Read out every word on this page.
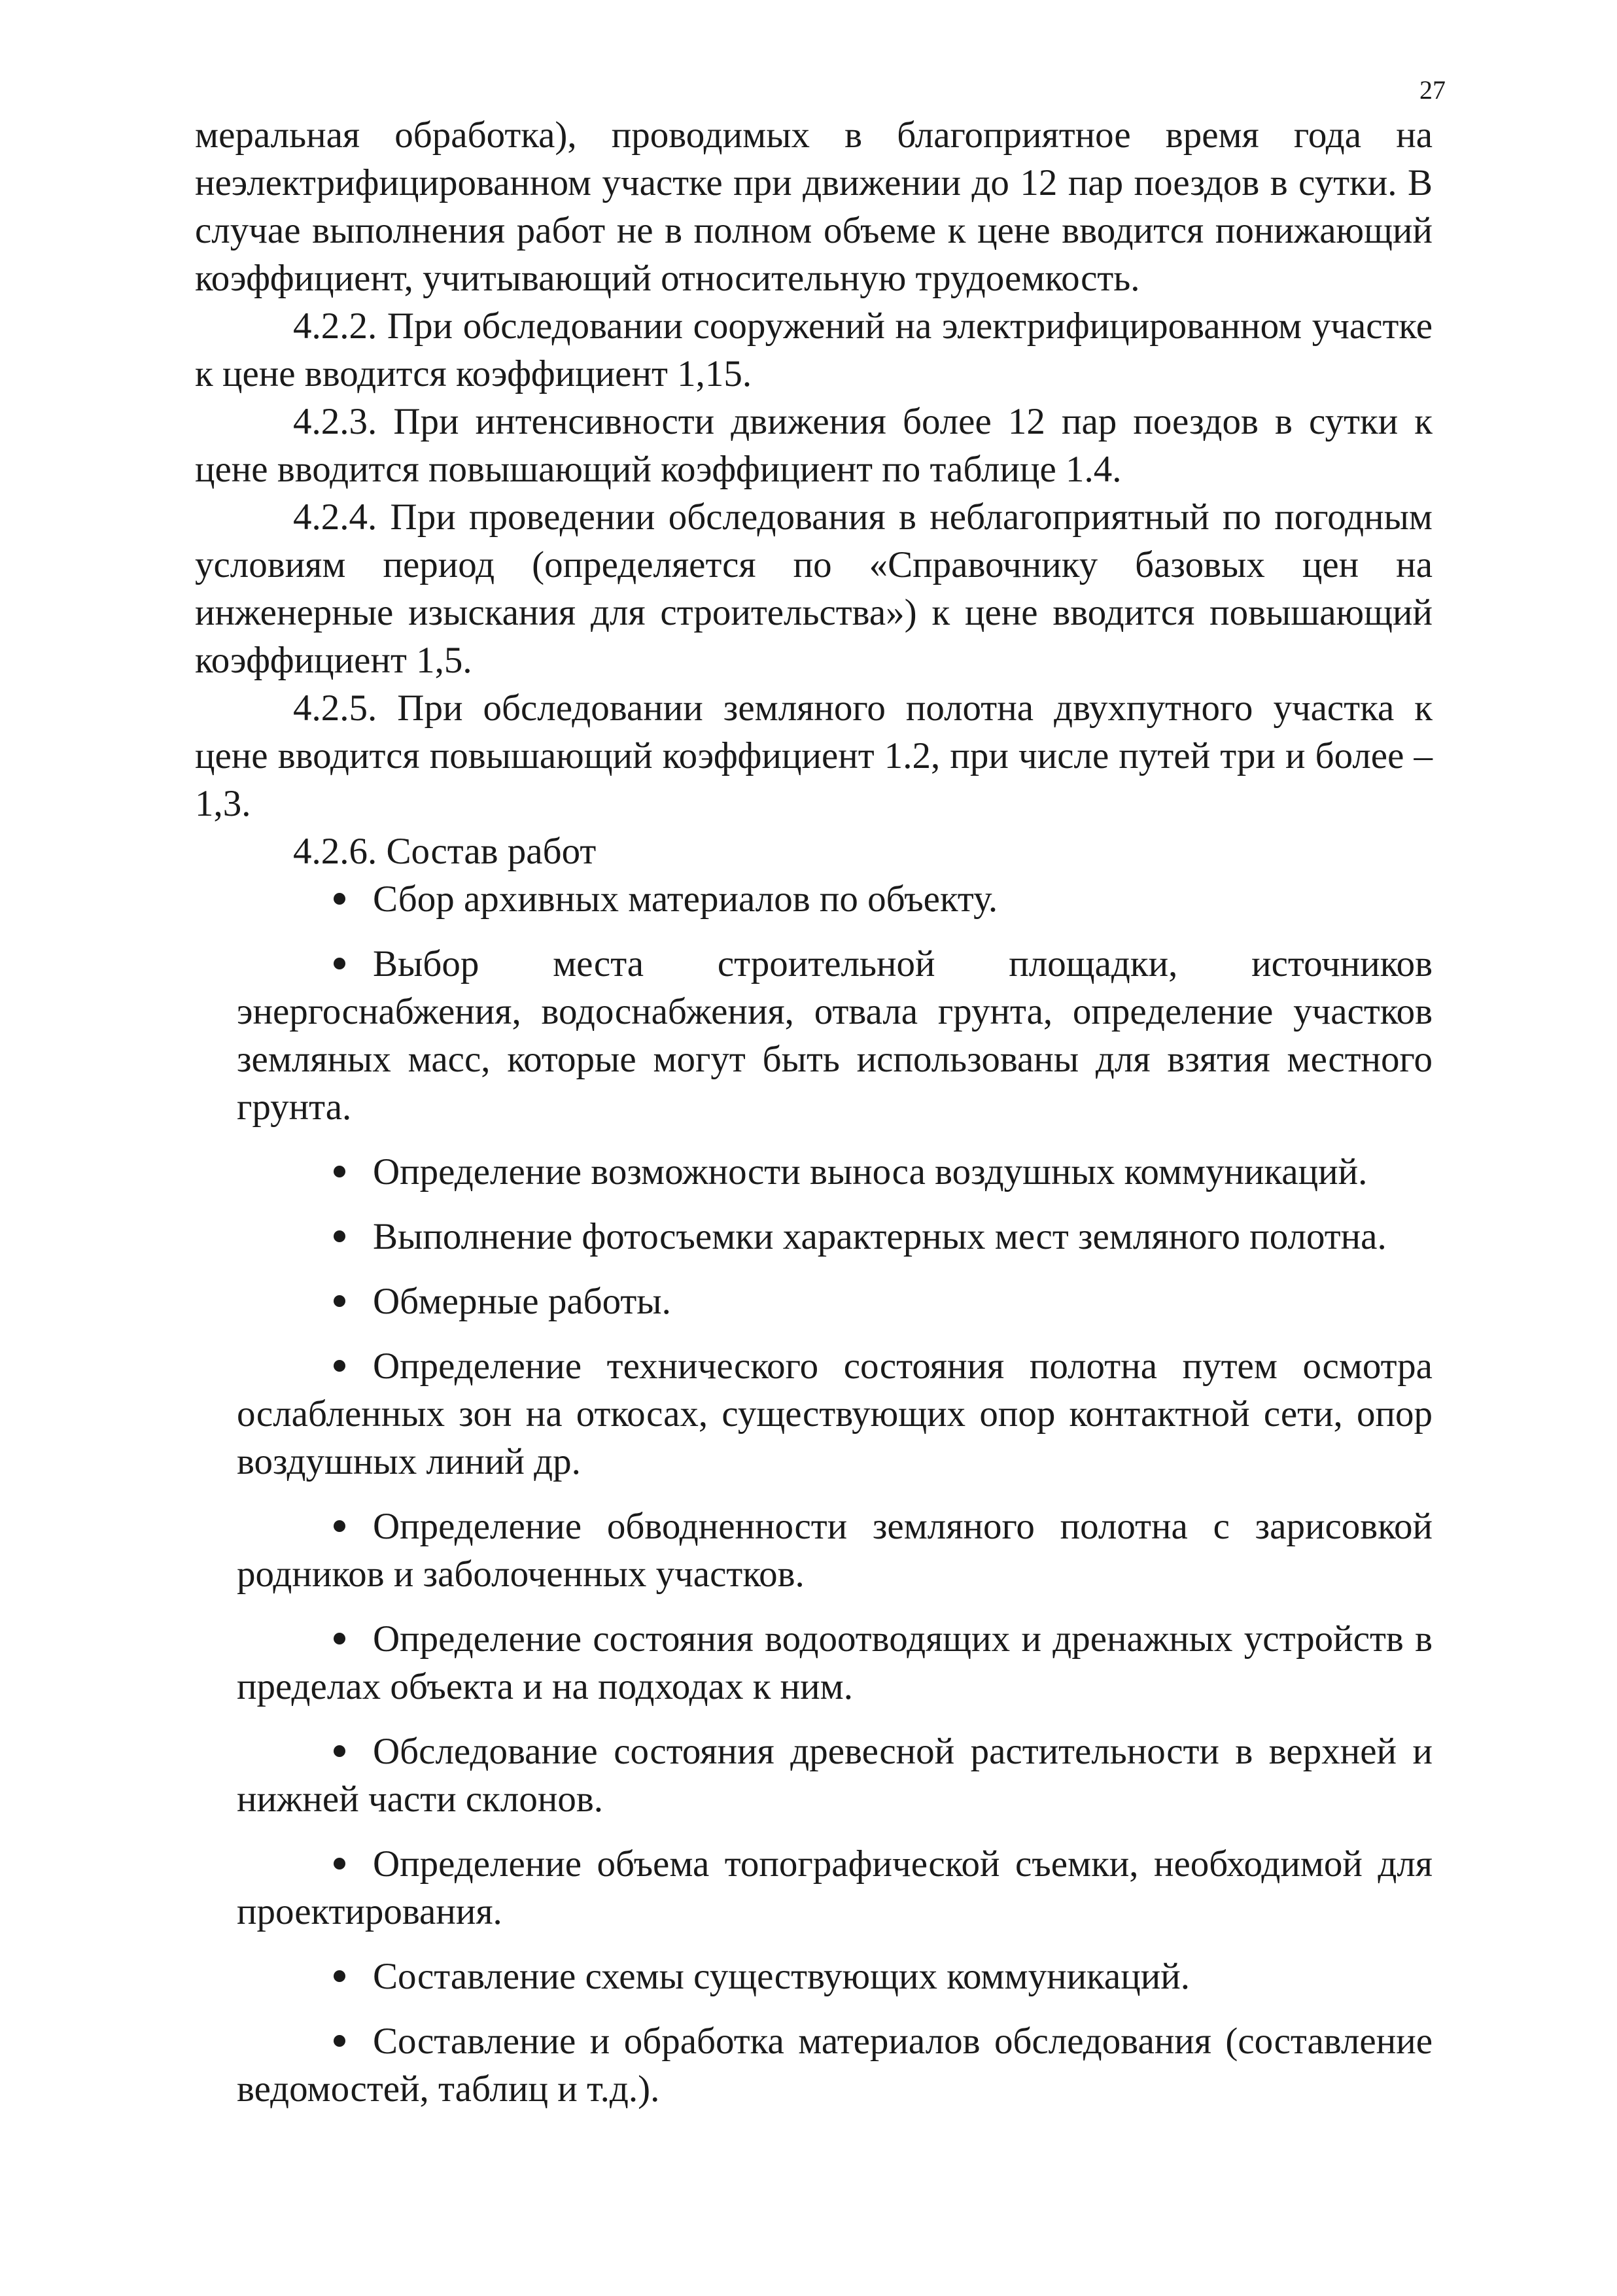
27

меральная обработка), проводимых в благоприятное время года на неэлектрифицированном участке при движении до 12 пар поездов в сутки. В случае выполнения работ не в полном объеме к цене вводится понижающий коэффициент, учитывающий относительную трудоемкость.

4.2.2. При обследовании сооружений на электрифицированном участке к цене вводится коэффициент 1,15.

4.2.3. При интенсивности движения более 12 пар поездов в сутки к цене вводится повышающий коэффициент по таблице 1.4.

4.2.4. При проведении обследования в неблагоприятный по погодным условиям период (определяется по «Справочнику базовых цен на инженерные изыскания для строительства») к цене вводится повышающий коэффициент 1,5.

4.2.5. При обследовании земляного полотна двухпутного участка к цене вводится повышающий коэффициент 1.2, при числе путей три и более – 1,3.

4.2.6. Состав работ

Сбор архивных материалов по объекту.
Выбор места строительной площадки, источников энергоснабжения, водоснабжения, отвала грунта, определение участков земляных масс, которые могут быть использованы для взятия местного грунта.
Определение возможности выноса воздушных коммуникаций.
Выполнение фотосъемки характерных мест земляного полотна.
Обмерные работы.
Определение технического состояния полотна путем осмотра ослабленных зон на откосах, существующих опор контактной сети, опор воздушных линий др.
Определение обводненности земляного полотна с зарисовкой родников и заболоченных участков.
Определение состояния водоотводящих и дренажных устройств в пределах объекта и на подходах к ним.
Обследование состояния древесной растительности в верхней и нижней части склонов.
Определение объема топографической съемки, необходимой для проектирования.
Составление схемы существующих коммуникаций.
Составление и обработка материалов обследования (составление ведомостей, таблиц и т.д.).
